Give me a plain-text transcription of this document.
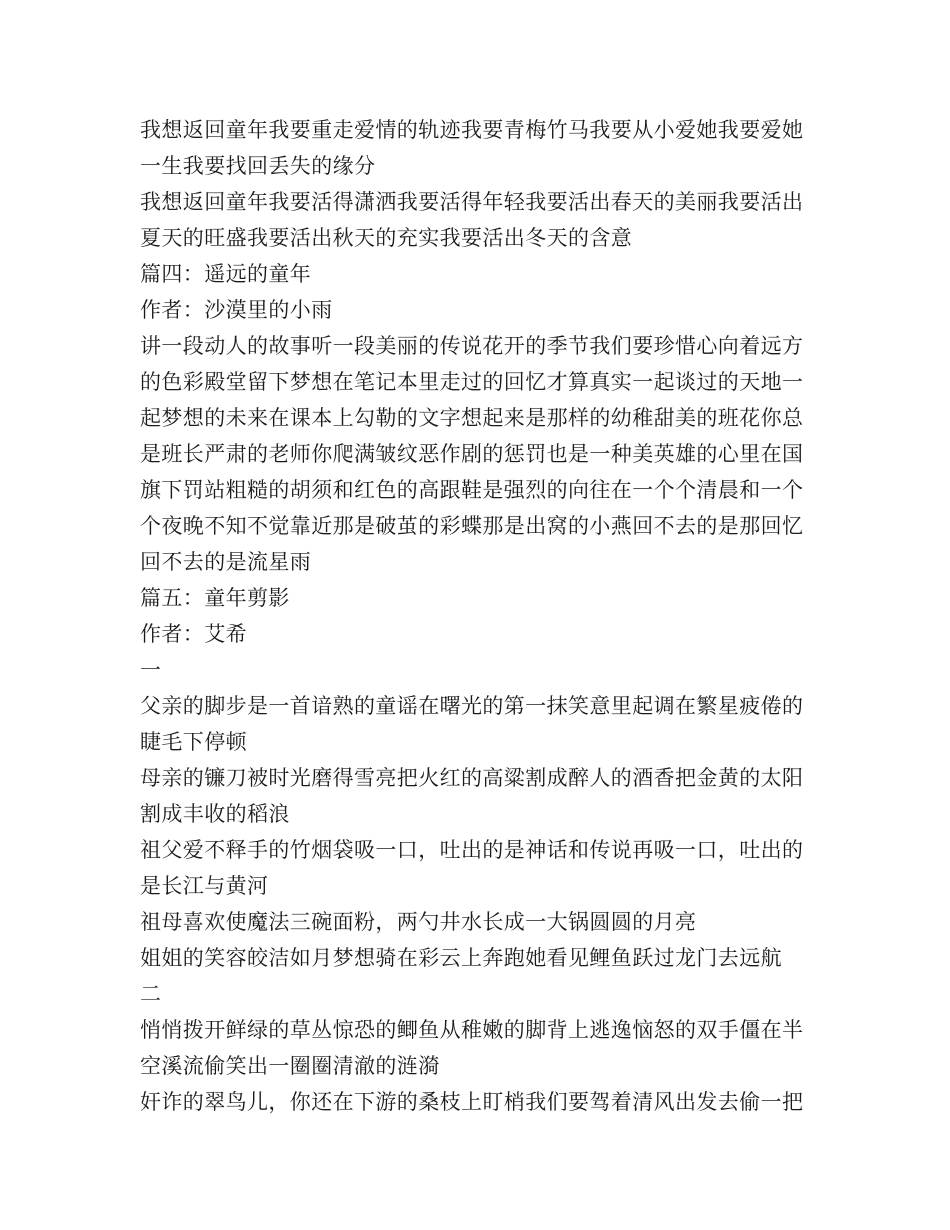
我想返回童年我要重走爱情的轨迹我要青梅竹马我要从小爱她我要爱她

一生我要找回丢失的缘分

我想返回童年我要活得潇洒我要活得年轻我要活出春天的美丽我要活出

夏天的旺盛我要活出秋天的充实我要活出冬天的含意

篇四：遥远的童年

作者：沙漠里的小雨

讲一段动人的故事听一段美丽的传说花开的季节我们要珍惜心向着远方

的色彩殿堂留下梦想在笔记本里走过的回忆才算真实一起谈过的天地一

起梦想的未来在课本上勾勒的文字想起来是那样的幼稚甜美的班花你总

是班长严肃的老师你爬满皱纹恶作剧的惩罚也是一种美英雄的心里在国

旗下罚站粗糙的胡须和红色的高跟鞋是强烈的向往在一个个清晨和一个

个夜晚不知不觉靠近那是破茧的彩蝶那是出窝的小燕回不去的是那回忆

回不去的是流星雨

篇五：童年剪影

作者：艾希

一

父亲的脚步是一首谙熟的童谣在曙光的第一抹笑意里起调在繁星疲倦的

睫毛下停顿

母亲的镰刀被时光磨得雪亮把火红的高粱割成醉人的酒香把金黄的太阳

割成丰收的稻浪

祖父爱不释手的竹烟袋吸一口，吐出的是神话和传说再吸一口，吐出的

是长江与黄河

祖母喜欢使魔法三碗面粉，两勺井水长成一大锅圆圆的月亮

姐姐的笑容皎洁如月梦想骑在彩云上奔跑她看见鲤鱼跃过龙门去远航

二

悄悄拨开鲜绿的草丛惊恐的鲫鱼从稚嫩的脚背上逃逸恼怒的双手僵在半

空溪流偷笑出一圈圈清澈的涟漪

奸诈的翠鸟儿，你还在下游的桑枝上盯梢我们要驾着清风出发去偷一把
